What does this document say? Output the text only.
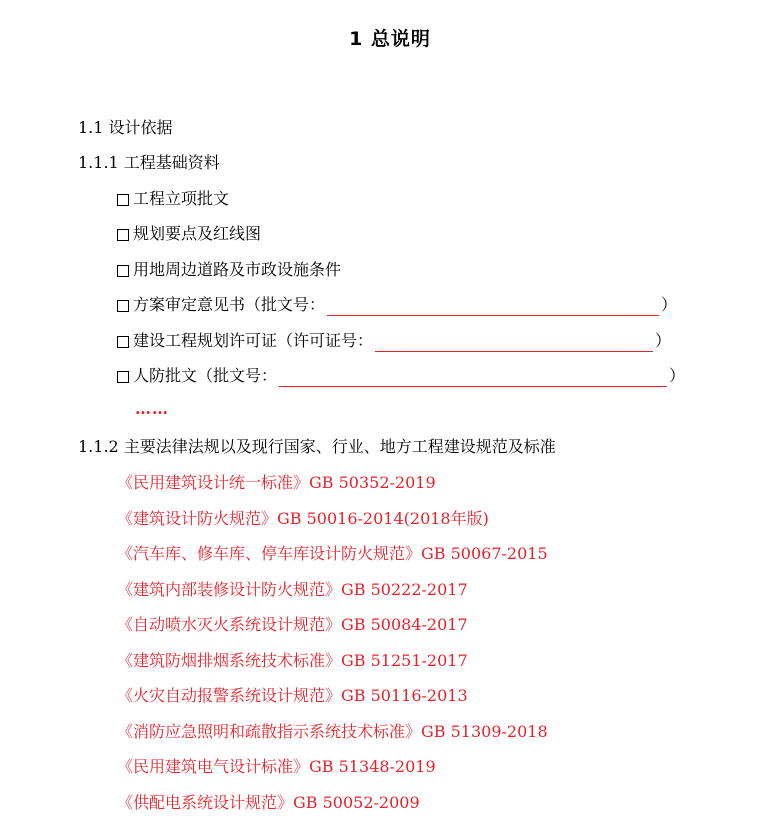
1 总说明
1.1 设计依据
1.1.1 工程基础资料
工程立项批文
规划要点及红线图
用地周边道路及市政设施条件
方案审定意见书（批文号：	）
建设工程规划许可证（许可证号：	）
人防批文（批文号：	）
……
1.1.2 主要法律法规以及现行国家、行业、地方工程建设规范及标准
《民用建筑设计统一标准》GB 50352-2019
《建筑设计防火规范》GB 50016-2014(2018年版)
《汽车库、修车库、停车库设计防火规范》GB 50067-2015
《建筑内部装修设计防火规范》GB 50222-2017
《自动喷水灭火系统设计规范》GB 50084-2017
《建筑防烟排烟系统技术标准》GB 51251-2017
《火灾自动报警系统设计规范》GB 50116-2013
《消防应急照明和疏散指示系统技术标准》GB 51309-2018
《民用建筑电气设计标准》GB 51348-2019
《供配电系统设计规范》GB 50052-2009
